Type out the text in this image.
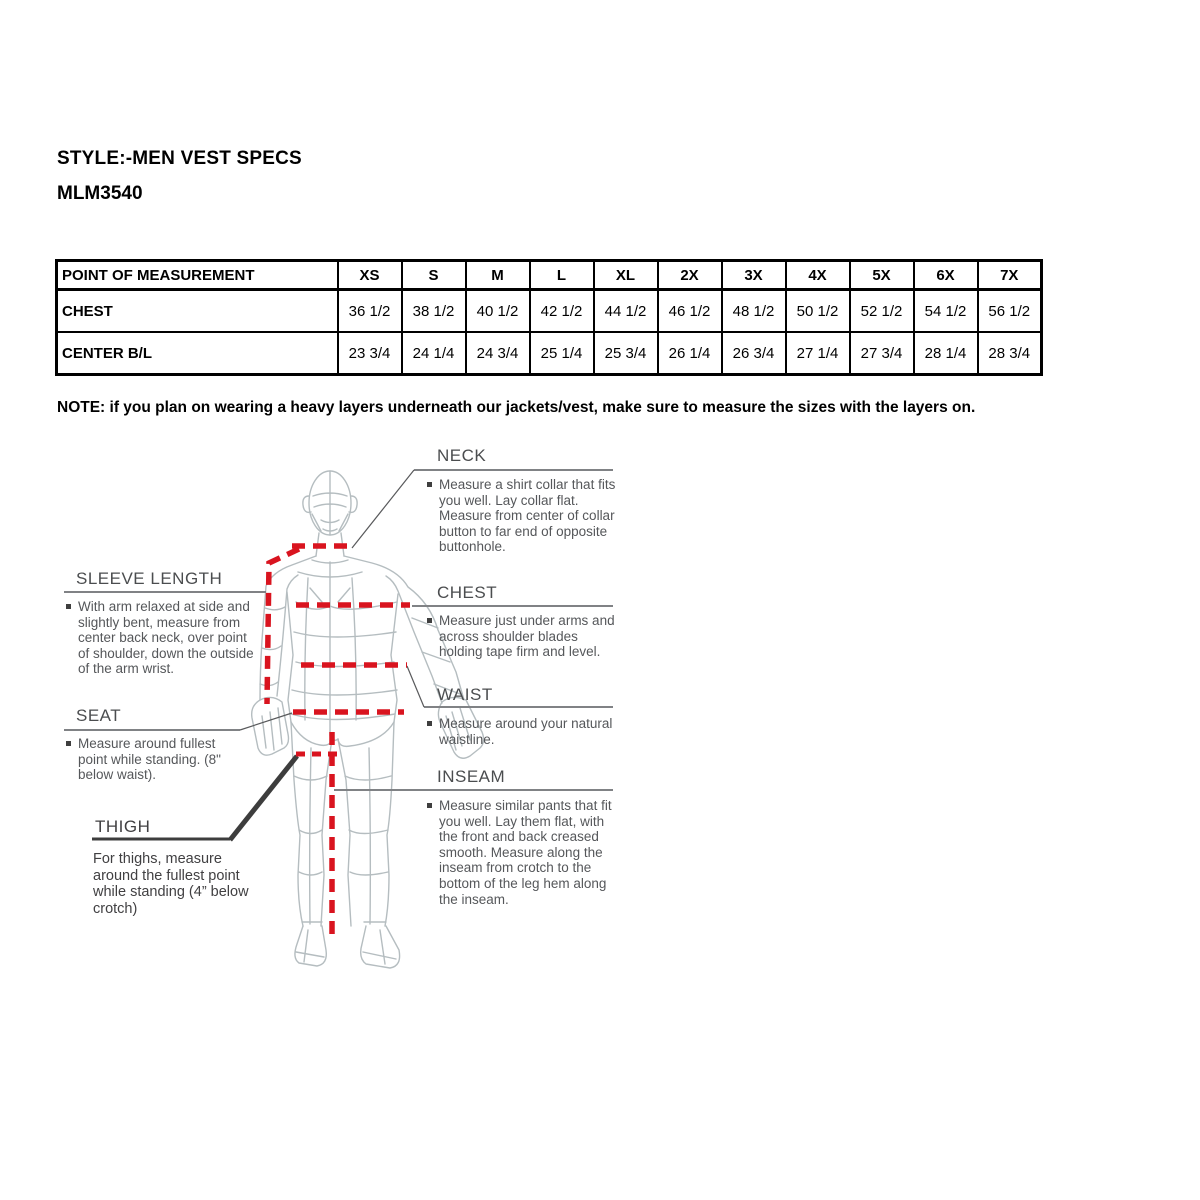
STYLE:-MEN VEST SPECS
MLM3540
POINT OF MEASUREMENT	XS	S	M	L	XL	2X	3X	4X	5X	6X	7X
CHEST	36 1/2	38 1/2	40 1/2	42 1/2	44 1/2	46 1/2	48 1/2	50 1/2	52 1/2	54 1/2	56 1/2
CENTER B/L	23 3/4	24 1/4	24 3/4	25 1/4	25 3/4	26 1/4	26 3/4	27 1/4	27 3/4	28 1/4	28 3/4
NOTE: if you plan on wearing a heavy layers underneath our jackets/vest, make sure to measure the sizes with the layers on.
NECK
Measure a shirt collar that fits you well. Lay collar flat. Measure from center of collar button to far end of opposite buttonhole.
CHEST
Measure just under arms and across shoulder blades holding tape firm and level.
WAIST
Measure around your natural waistline.
INSEAM
Measure similar pants that fit you well. Lay them flat, with the front and back creased smooth. Measure along the inseam from crotch to the bottom of the leg hem along the inseam.
SLEEVE LENGTH
With arm relaxed at side and slightly bent, measure from center back neck, over point of shoulder, down the outside of the arm wrist.
SEAT
Measure around fullest point while standing. (8" below waist).
THIGH
For thighs, measure around the fullest point while standing (4” below crotch)
